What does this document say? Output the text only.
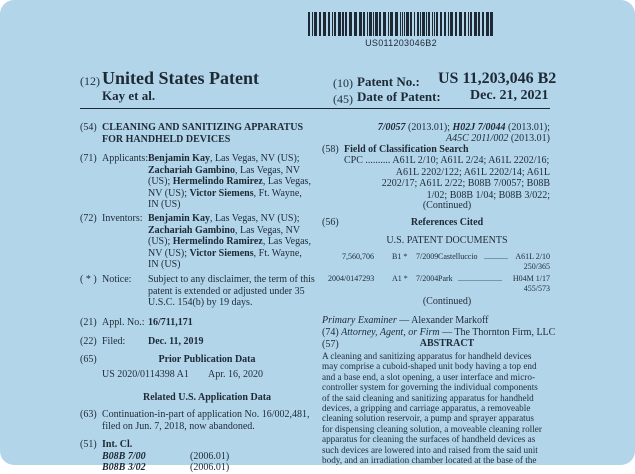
US011203046B2
(12) United States Patent
Kay et al.
(10) Patent No.: US 11,203,046 B2
(45) Date of Patent: Dec. 21, 2021
(54) CLEANING AND SANITIZING APPARATUS
FOR HANDHELD DEVICES
(71) Applicants: Benjamin Kay, Las Vegas, NV (US);
Zachariah Gambino, Las Vegas, NV
(US); Hermelindo Ramirez, Las Vegas,
NV (US); Victor Siemens, Ft. Wayne,
IN (US)
(72) Inventors: Benjamin Kay, Las Vegas, NV (US);
Zachariah Gambino, Las Vegas, NV
(US); Hermelindo Ramirez, Las Vegas,
NV (US); Victor Siemens, Ft. Wayne,
IN (US)
( * ) Notice: Subject to any disclaimer, the term of this
patent is extended or adjusted under 35
U.S.C. 154(b) by 19 days.
(21) Appl. No.: 16/711,171
(22) Filed: Dec. 11, 2019
(65)	Prior Publication Data
US 2020/0114398 A1 Apr. 16, 2020
Related U.S. Application Data
(63) Continuation-in-part of application No. 16/002,481,
filed on Jun. 7, 2018, now abandoned.
(51) Int. Cl.
B08B 7/00	(2006.01)
B08B 3/02	(2006.01)
7/0057 (2013.01); H02J 7/0044 (2013.01);
A45C 2011/002 (2013.01)
(58) Field of Classification Search
CPC .......... A61L 2/10; A61L 2/24; A61L 2202/16;
A61L 2202/122; A61L 2202/14; A61L
2202/17; A61L 2/22; B08B 7/0057; B08B
1/02; B08B 1/04; B08B 3/022;
(Continued)
(56)	References Cited
U.S. PATENT DOCUMENTS
7,560,706 B1 * 7/2009 Castelluccio ............ A61L 2/10
250/365
2004/0147293 A1 * 7/2004 Park ...................... H04M 1/17
455/573
(Continued)
Primary Examiner — Alexander Markoff
(74) Attorney, Agent, or Firm — The Thornton Firm, LLC
(57)	ABSTRACT
A cleaning and sanitizing apparatus for handheld devices
may comprise a cuboid-shaped unit body having a top end
and a base end, a slot opening, a user interface and micro-
controller system for governing the individual components
of the said cleaning and sanitizing apparatus for handheld
devices, a gripping and carriage apparatus, a removeable
cleaning solution reservoir, a pump and sprayer apparatus
for dispensing cleaning solution, a moveable cleaning roller
apparatus for cleaning the surfaces of handheld devices as
such devices are lowered into and raised from the said unit
body, and an irradiation chamber located at the base of the
